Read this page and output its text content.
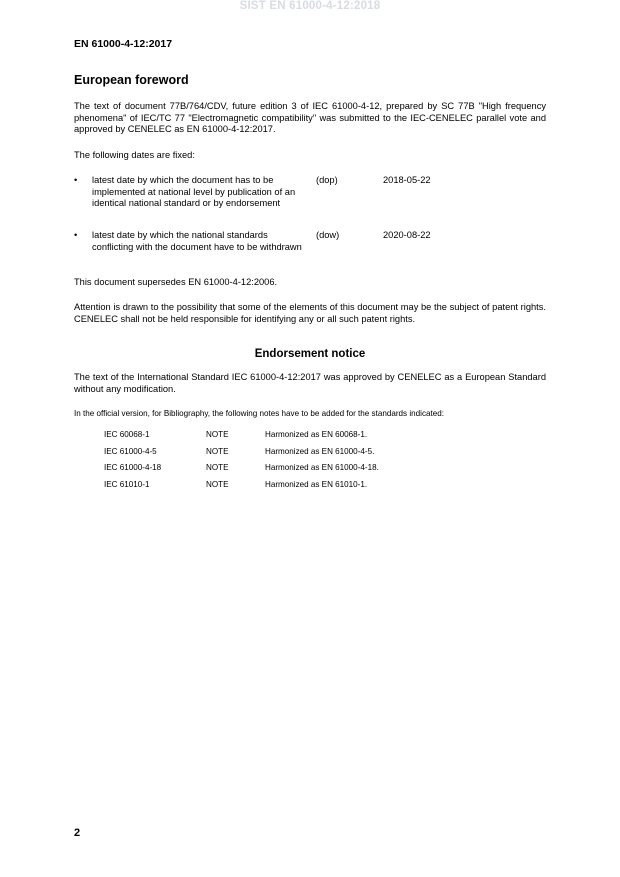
SIST EN 61000-4-12:2018
EN 61000-4-12:2017
European foreword
The text of document 77B/764/CDV, future edition 3 of IEC 61000-4-12, prepared by SC 77B "High frequency phenomena" of IEC/TC 77 "Electromagnetic compatibility" was submitted to the IEC-CENELEC parallel vote and approved by CENELEC as EN 61000-4-12:2017.
The following dates are fixed:
• latest date by which the document has to be implemented at national level by publication of an identical national standard or by endorsement
(dop)	2018-05-22
• latest date by which the national standards conflicting with the document have to be withdrawn
(dow)	2020-08-22
This document supersedes EN 61000-4-12:2006.
Attention is drawn to the possibility that some of the elements of this document may be the subject of patent rights. CENELEC shall not be held responsible for identifying any or all such patent rights.
Endorsement notice
The text of the International Standard IEC 61000-4-12:2017 was approved by CENELEC as a European Standard without any modification.
In the official version, for Bibliography, the following notes have to be added for the standards indicated:
IEC 60068-1	NOTE	Harmonized as EN 60068-1.
IEC 61000-4-5	NOTE	Harmonized as EN 61000-4-5.
IEC 61000-4-18	NOTE	Harmonized as EN 61000-4-18.
IEC 61010-1	NOTE	Harmonized as EN 61010-1.
2
